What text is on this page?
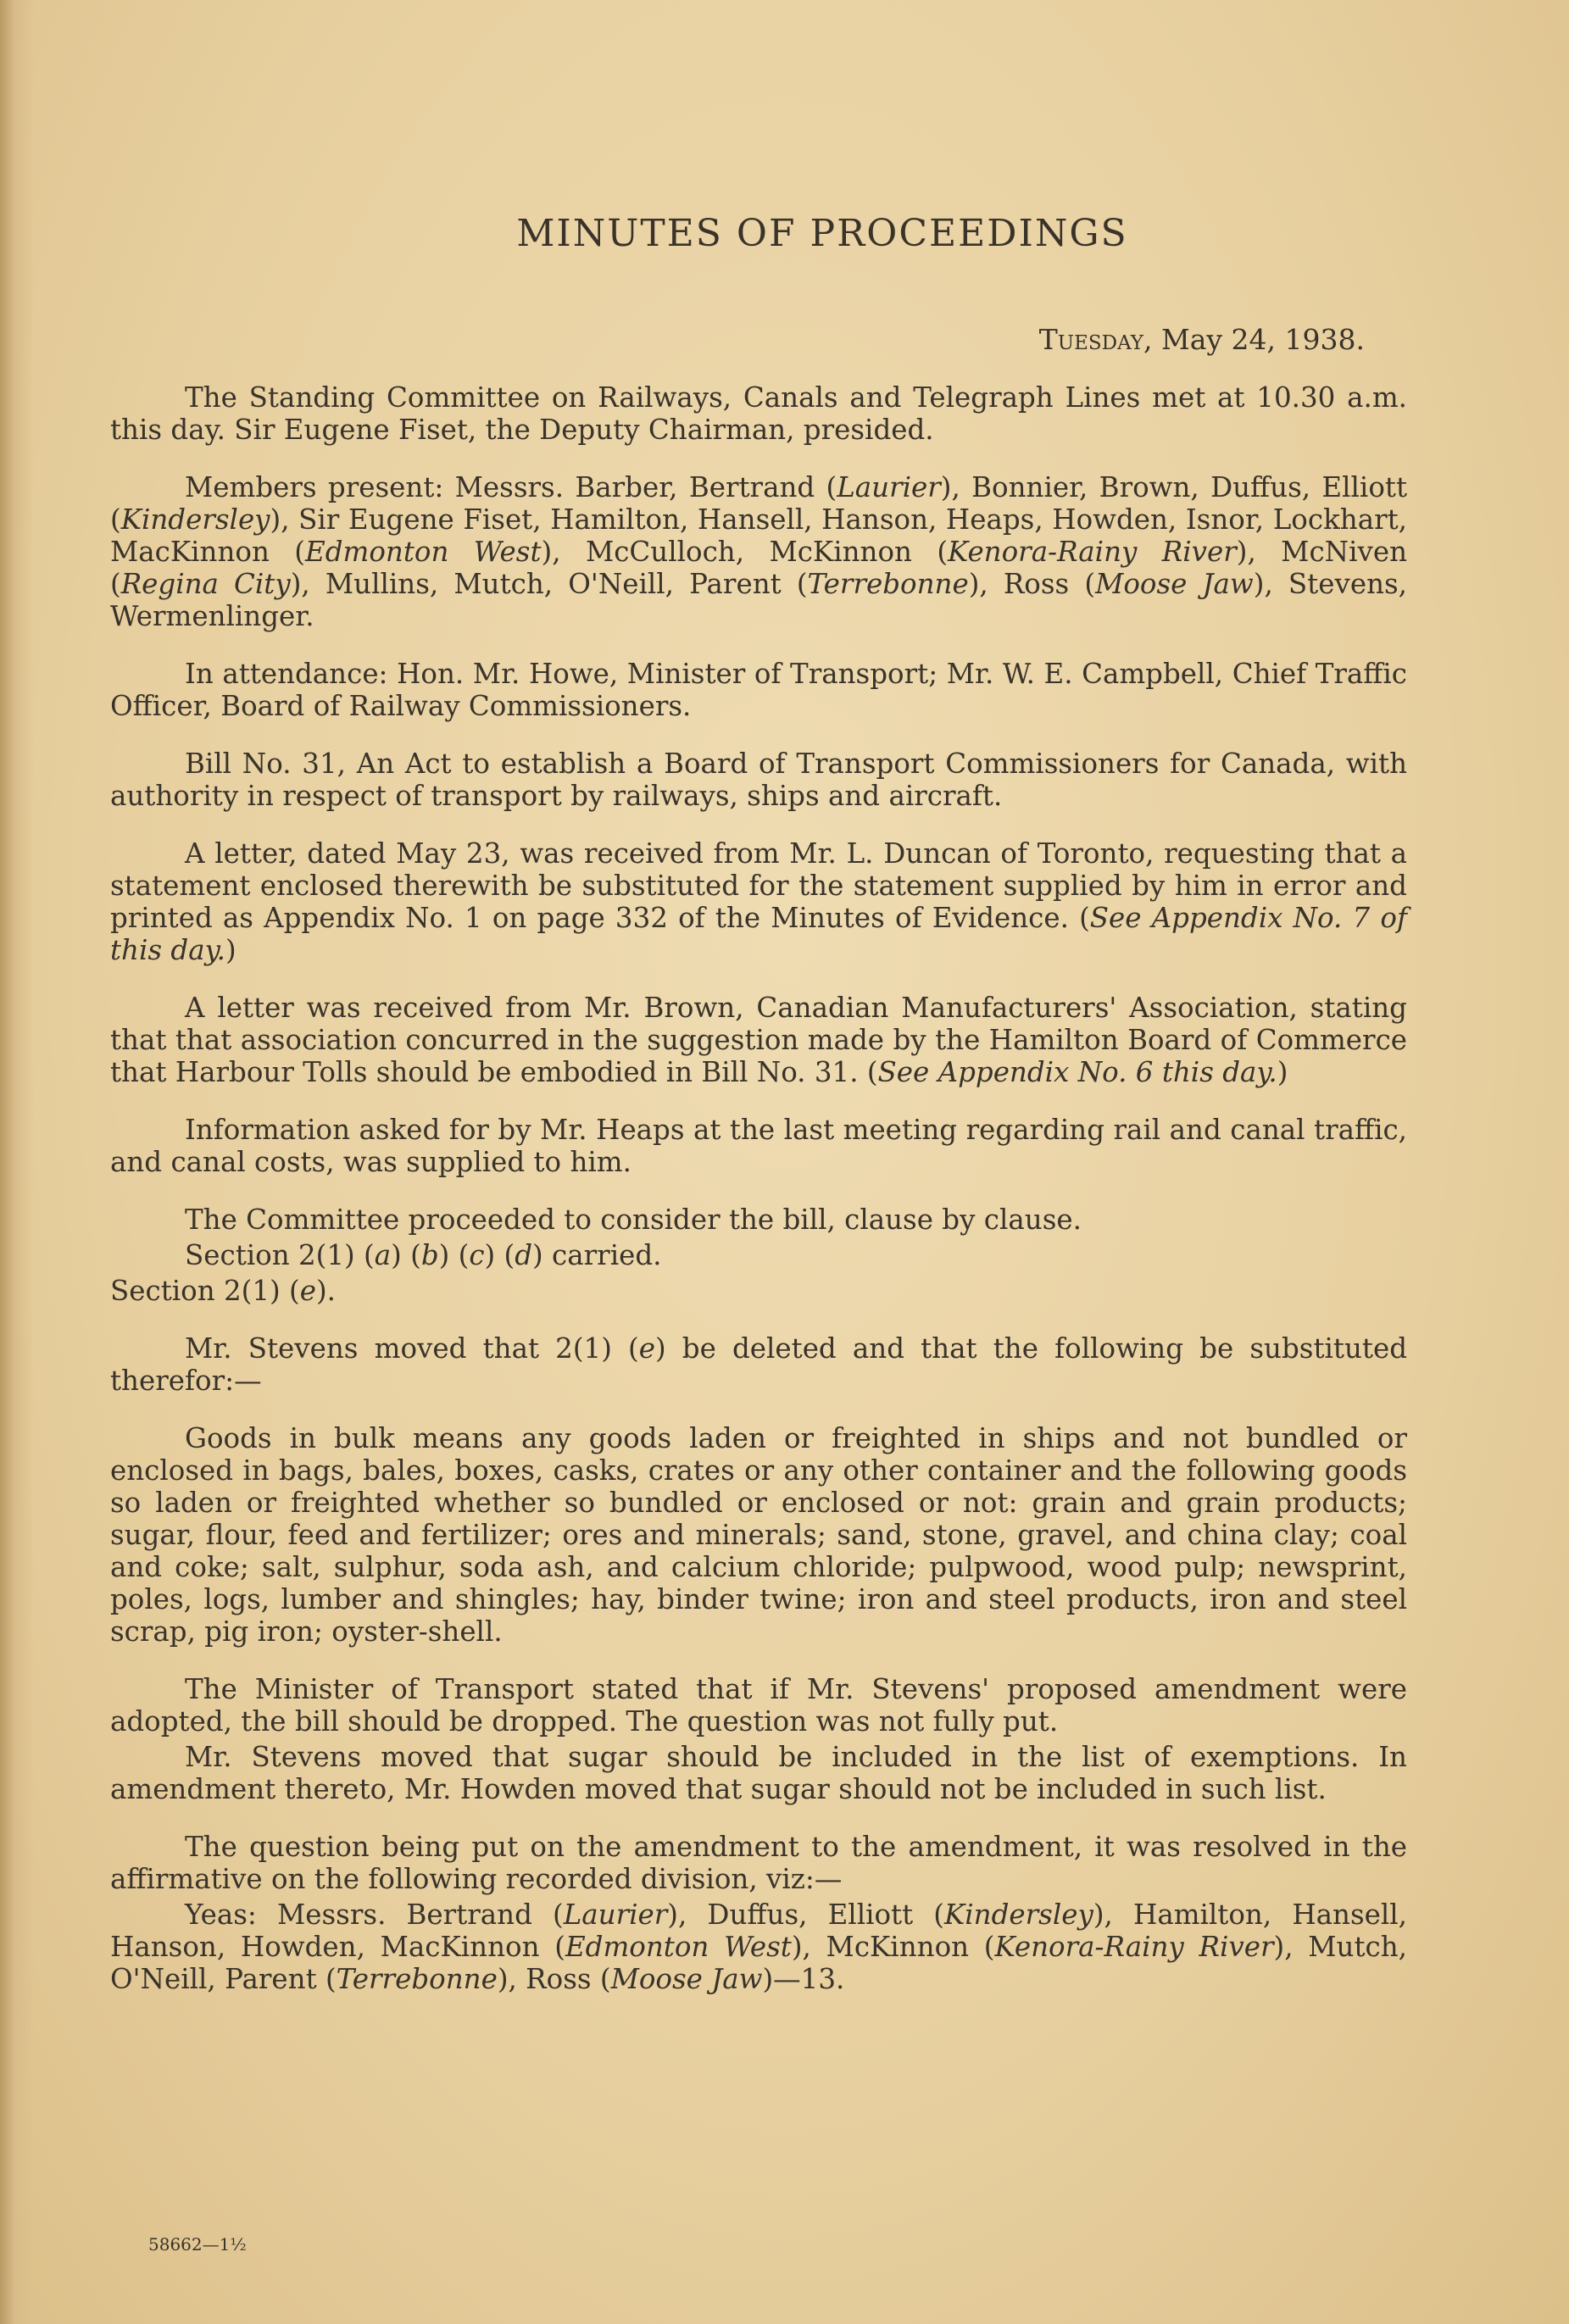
MINUTES OF PROCEEDINGS
Tuesday, May 24, 1938.

The Standing Committee on Railways, Canals and Telegraph Lines met at 10.30 a.m. this day. Sir Eugene Fiset, the Deputy Chairman, presided.

Members present: Messrs. Barber, Bertrand (Laurier), Bonnier, Brown, Duffus, Elliott (Kindersley), Sir Eugene Fiset, Hamilton, Hansell, Hanson, Heaps, Howden, Isnor, Lockhart, MacKinnon (Edmonton West), McCulloch, McKinnon (Kenora-Rainy River), McNiven (Regina City), Mullins, Mutch, O'Neill, Parent (Terrebonne), Ross (Moose Jaw), Stevens, Wermenlinger.

In attendance: Hon. Mr. Howe, Minister of Transport; Mr. W. E. Campbell, Chief Traffic Officer, Board of Railway Commissioners.

Bill No. 31, An Act to establish a Board of Transport Commissioners for Canada, with authority in respect of transport by railways, ships and aircraft.

A letter, dated May 23, was received from Mr. L. Duncan of Toronto, requesting that a statement enclosed therewith be substituted for the statement supplied by him in error and printed as Appendix No. 1 on page 332 of the Minutes of Evidence. (See Appendix No. 7 of this day.)

A letter was received from Mr. Brown, Canadian Manufacturers' Association, stating that that association concurred in the suggestion made by the Hamilton Board of Commerce that Harbour Tolls should be embodied in Bill No. 31. (See Appendix No. 6 this day.)

Information asked for by Mr. Heaps at the last meeting regarding rail and canal traffic, and canal costs, was supplied to him.

The Committee proceeded to consider the bill, clause by clause.

Section 2(1) (a) (b) (c) (d) carried.

Section 2(1) (e).

Mr. Stevens moved that 2(1) (e) be deleted and that the following be substituted therefor:—

Goods in bulk means any goods laden or freighted in ships and not bundled or enclosed in bags, bales, boxes, casks, crates or any other container and the following goods so laden or freighted whether so bundled or enclosed or not: grain and grain products; sugar, flour, feed and fertilizer; ores and minerals; sand, stone, gravel, and china clay; coal and coke; salt, sulphur, soda ash, and calcium chloride; pulpwood, wood pulp; newsprint, poles, logs, lumber and shingles; hay, binder twine; iron and steel products, iron and steel scrap, pig iron; oyster-shell.

The Minister of Transport stated that if Mr. Stevens' proposed amendment were adopted, the bill should be dropped. The question was not fully put.

Mr. Stevens moved that sugar should be included in the list of exemptions. In amendment thereto, Mr. Howden moved that sugar should not be included in such list.

The question being put on the amendment to the amendment, it was resolved in the affirmative on the following recorded division, viz:—

Yeas: Messrs. Bertrand (Laurier), Duffus, Elliott (Kindersley), Hamilton, Hansell, Hanson, Howden, MacKinnon (Edmonton West), McKinnon (Kenora-Rainy River), Mutch, O'Neill, Parent (Terrebonne), Ross (Moose Jaw)—13.

58662—1½
